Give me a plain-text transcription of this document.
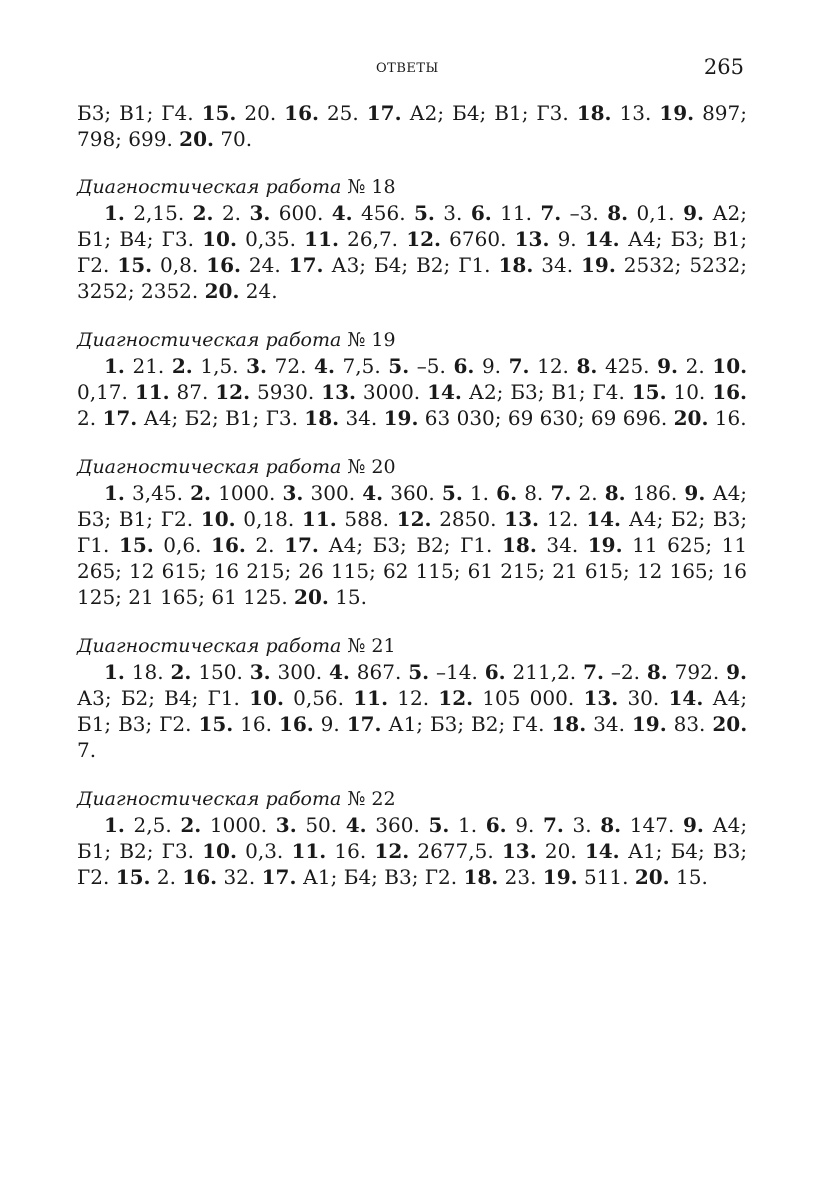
ОТВЕТЫ	265
Б3; В1; Г4. 15. 20. 16. 25. 17. А2; Б4; В1; Г3. 18. 13. 19. 897; 798; 699. 20. 70.
Диагностическая работа № 18
1. 2,15. 2. 2. 3. 600. 4. 456. 5. 3. 6. 11. 7. –3. 8. 0,1. 9. А2; Б1; В4; Г3. 10. 0,35. 11. 26,7. 12. 6760. 13. 9. 14. А4; Б3; В1; Г2. 15. 0,8. 16. 24. 17. А3; Б4; В2; Г1. 18. 34. 19. 2532; 5232; 3252; 2352. 20. 24.
Диагностическая работа № 19
1. 21. 2. 1,5. 3. 72. 4. 7,5. 5. –5. 6. 9. 7. 12. 8. 425. 9. 2. 10. 0,17. 11. 87. 12. 5930. 13. 3000. 14. А2; Б3; В1; Г4. 15. 10. 16. 2. 17. А4; Б2; В1; Г3. 18. 34. 19. 63 030; 69 630; 69 696. 20. 16.
Диагностическая работа № 20
1. 3,45. 2. 1000. 3. 300. 4. 360. 5. 1. 6. 8. 7. 2. 8. 186. 9. А4; Б3; В1; Г2. 10. 0,18. 11. 588. 12. 2850. 13. 12. 14. А4; Б2; В3; Г1. 15. 0,6. 16. 2. 17. А4; Б3; В2; Г1. 18. 34. 19. 11 625; 11 265; 12 615; 16 215; 26 115; 62 115; 61 215; 21 615; 12 165; 16 125; 21 165; 61 125. 20. 15.
Диагностическая работа № 21
1. 18. 2. 150. 3. 300. 4. 867. 5. –14. 6. 211,2. 7. –2. 8. 792. 9. А3; Б2; В4; Г1. 10. 0,56. 11. 12. 12. 105 000. 13. 30. 14. А4; Б1; В3; Г2. 15. 16. 16. 9. 17. А1; Б3; В2; Г4. 18. 34. 19. 83. 20. 7.
Диагностическая работа № 22
1. 2,5. 2. 1000. 3. 50. 4. 360. 5. 1. 6. 9. 7. 3. 8. 147. 9. А4; Б1; В2; Г3. 10. 0,3. 11. 16. 12. 2677,5. 13. 20. 14. А1; Б4; В3; Г2. 15. 2. 16. 32. 17. А1; Б4; В3; Г2. 18. 23. 19. 511. 20. 15.
